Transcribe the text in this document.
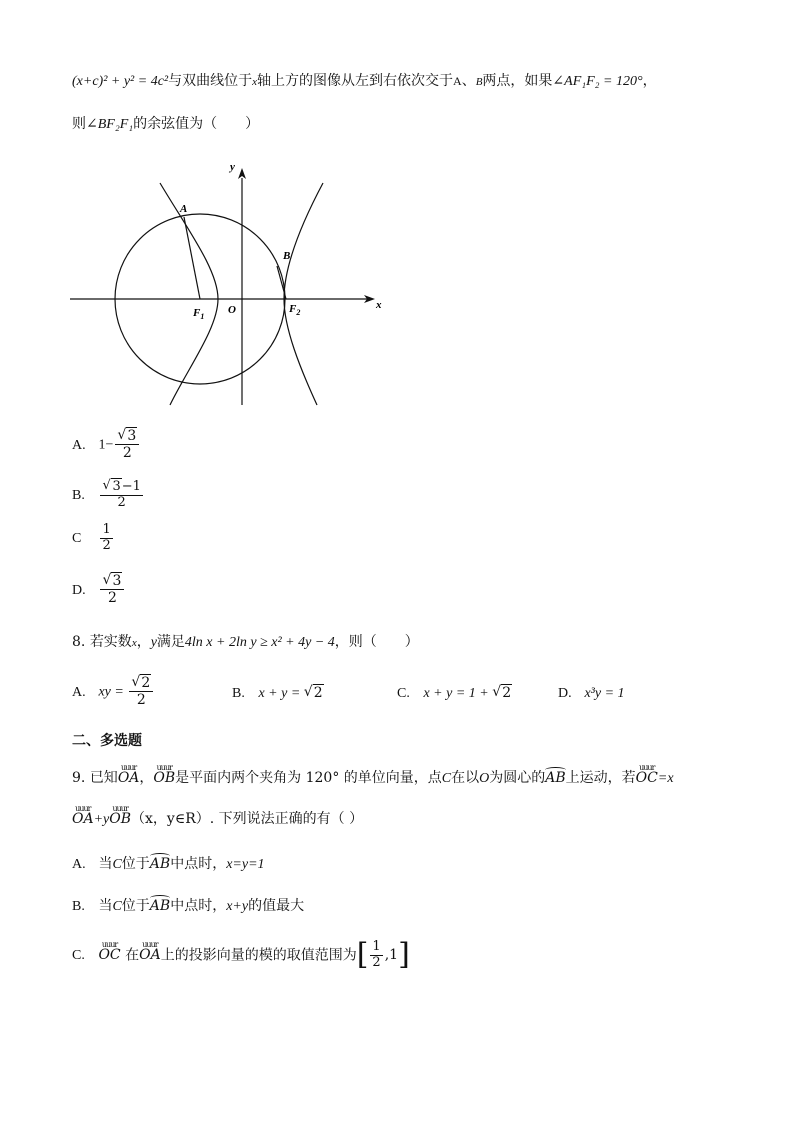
(x+c)² + y² = 4c²与双曲线位于x轴上方的图像从左到右依次交于A、B两点，如果∠AF₁F₂ = 120°，
则∠BF₂F₁的余弦值为（　　）
y
x
A
B
$F_1$
O	$F_2$
A. 1− √ $\frac{3}{2}$
B. √ $\frac{3-1}{2}$
C $\frac{1}{2}$
D. √ $\frac{3}{2}$
8. 若实数x，y满足4ln x + 2ln y ≥ x² + 4y − 4，则（　　）
A. xy = √ $\frac{2}{2}$	B. x + y = √ 2	C. x + y = 1 + √ 2	D. x³y = 1
二、多选题
9. 已知
uuur
OA，
uuur
OB是平面内两个夹角为 120° 的单位向量，点C在以O为圆心的AB上运动，若
uuur
OC=x
uuur
OA+y
uuur
OB（x，y∈R）. 下列说法正确的有（ ）
A. 当C位于AB中点时，x=y=1
B. 当C位于AB中点时，x+y的值最大
C.
uuur
OC 在
uuur
OA上的投影向量的模的取值范围为 [ $\frac{1}{2} ,1$ ]
